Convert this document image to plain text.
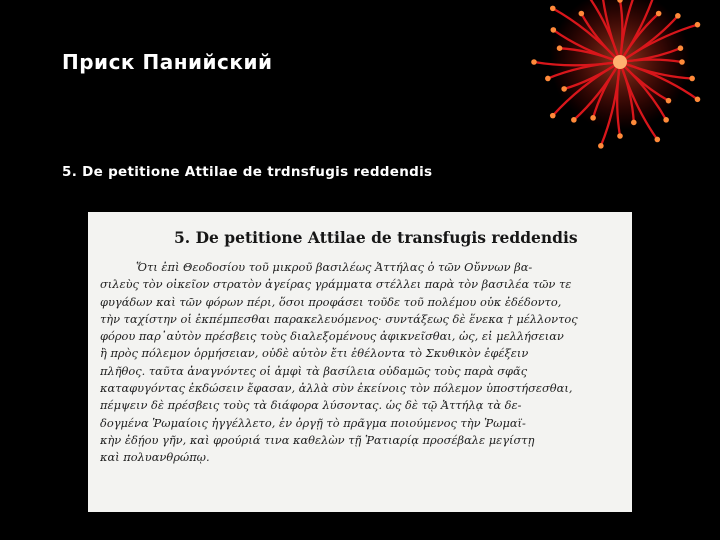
Приск Панийский
5. De petitione Attilae de trdnsfugis reddendis
5. De petitione Attilae de transfugis reddendis
Ὅτι ἐπὶ Θεοδοσίου τοῦ μικροῦ βασιλέως Ἀττήλας ὁ τῶν Οὔννων βα-
σιλεὺς τὸν οἰκεῖον στρατὸν ἀγείρας γράμματα στέλλει παρὰ τὸν βασιλέα τῶν τε
φυγάδων καὶ τῶν φόρων πέρι, ὅσοι προφάσει τοῦδε τοῦ πολέμου οὐκ ἐδέδοντο,
τὴν ταχίστην οἱ ἐκπέμπεσθαι παρακελευόμενος· συντάξεως δὲ ἕνεκα † μέλλοντος
φόρου παρ᾽αὐτὸν πρέσβεις τοὺς διαλεξομένους ἀφικνεῖσθαι, ὡς, εἰ μελλήσειαν
ἢ πρὸς πόλεμον ὁρμήσειαν, οὐδὲ αὐτὸν ἔτι ἐθέλοντα τὸ Σκυθικὸν ἐφέξειν
πλῆθος. ταῦτα ἀναγνόντες οἱ ἀμφὶ τὰ βασίλεια οὐδαμῶς τοὺς παρὰ σφᾶς
καταφυγόντας ἐκδώσειν ἔφασαν, ἀλλὰ σὺν ἐκείνοις τὸν πόλεμον ὑποστήσεσθαι,
πέμψειν δὲ πρέσβεις τοὺς τὰ διάφορα λύσοντας. ὡς δὲ τῷ Ἀττήλᾳ τὰ δε-
δογμένα Ῥωμαίοις ἠγγέλλετο, ἐν ὀργῇ τὸ πρᾶγμα ποιούμενος τὴν Ῥωμαϊ-
κὴν ἐδῄου γῆν, καὶ φρούριά τινα καθελὼν τῇ Ῥατιαρίᾳ προσέβαλε μεγίστῃ
καὶ πολυανθρώπῳ.
